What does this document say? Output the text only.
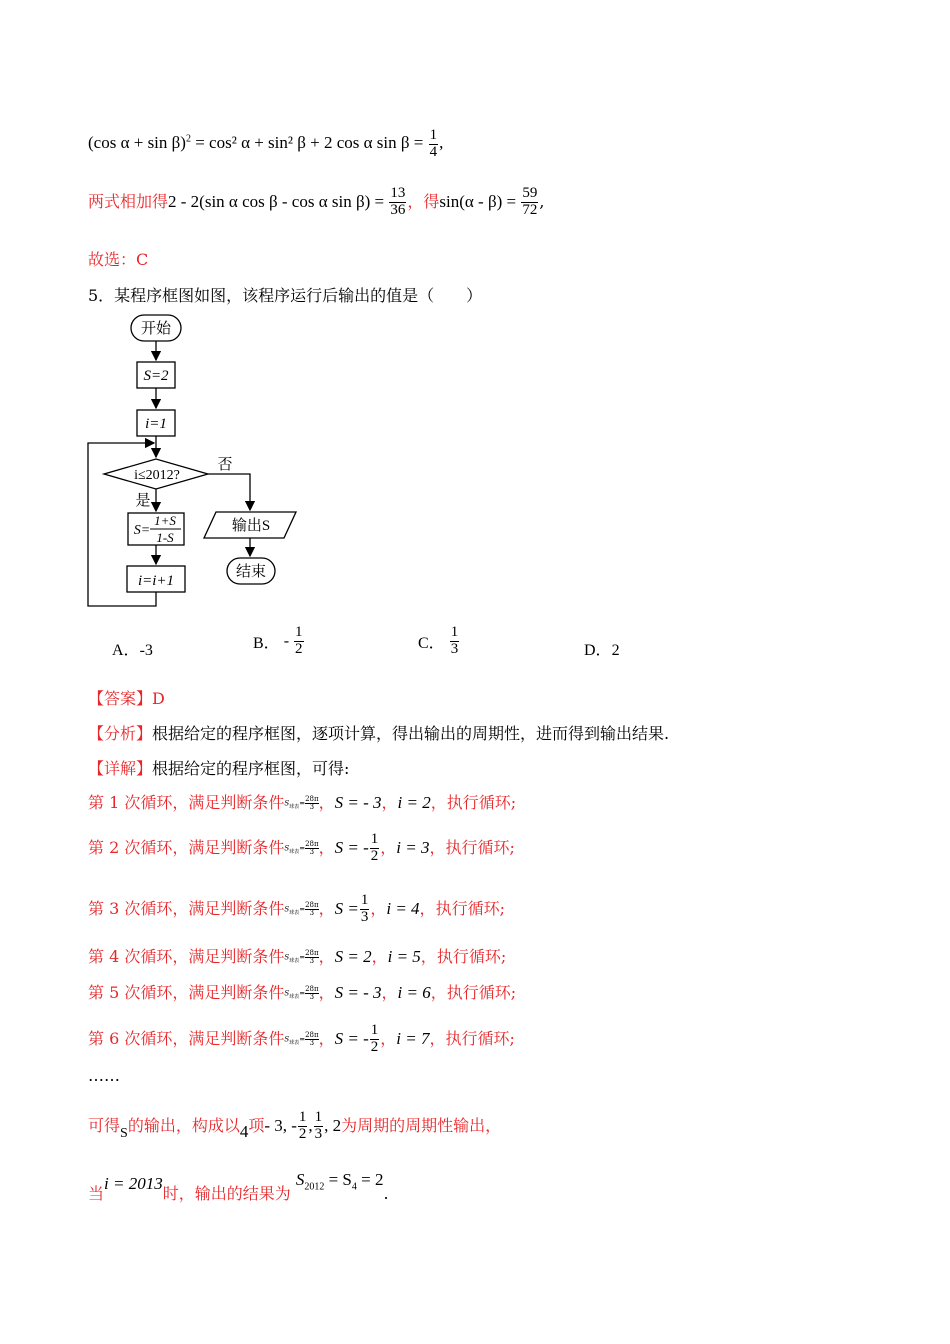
(cos α + sin β)$^2$ = cos² α + sin² β + 2 cos α $\sin \beta = \frac{1}{4}$ ,
两式相加得2 - 2(sin α cos β - cos α $\sin \beta) = \frac{13}{36}$ ，得$\sin(\alpha - \beta) = \frac{59}{72}$ ,
故选：C
5．某程序框图如图，该程序运行后输出的值是（　　）
开始
S=2
i=1
i≤2012?
否
是
S=
1+S
1-S
i=i+1
输出S
结束
A．-3	B． - $\frac{1}{2}$	C． $\frac{1}{3}$	D．2
【答案】D
【分析】根据给定的程序框图，逐项计算，得出输出的周期性，进而得到输出结果.
【详解】根据给定的程序框图，可得:
第 1 次循环，满足判断条件$S_{球表}= \frac{28\pi}{3}$ ，S = - 3，i = 2，执行循环;
第 2 次循环，满足判断条件$S_{球表}= \frac{28\pi}{3}$ ，S = - $\frac{1}{2}$ ，i = 3，执行循环;
第 3 次循环，满足判断条件$S_{球表}= \frac{28\pi}{3}$ ，$S = \frac{1}{3}$ ，i = 4，执行循环;
第 4 次循环，满足判断条件$S_{球表}= \frac{28\pi}{3}$ ，S = 2，i = 5，执行循环;
第 5 次循环，满足判断条件$S_{球表}= \frac{28\pi}{3}$ ，S = - 3，i = 6，执行循环;
第 6 次循环，满足判断条件$S_{球表}= \frac{28\pi}{3}$ ，S = - $\frac{1}{2}$ ，i = 7，执行循环;
……
可得S的输出，构成以4项- 3, - $\frac{1}{2}$ , $\frac{1}{3}$ , 2为周期的周期性输出，
当i = 2013时，输出的结果为 $S_{2012} = S_4 = 2$.
